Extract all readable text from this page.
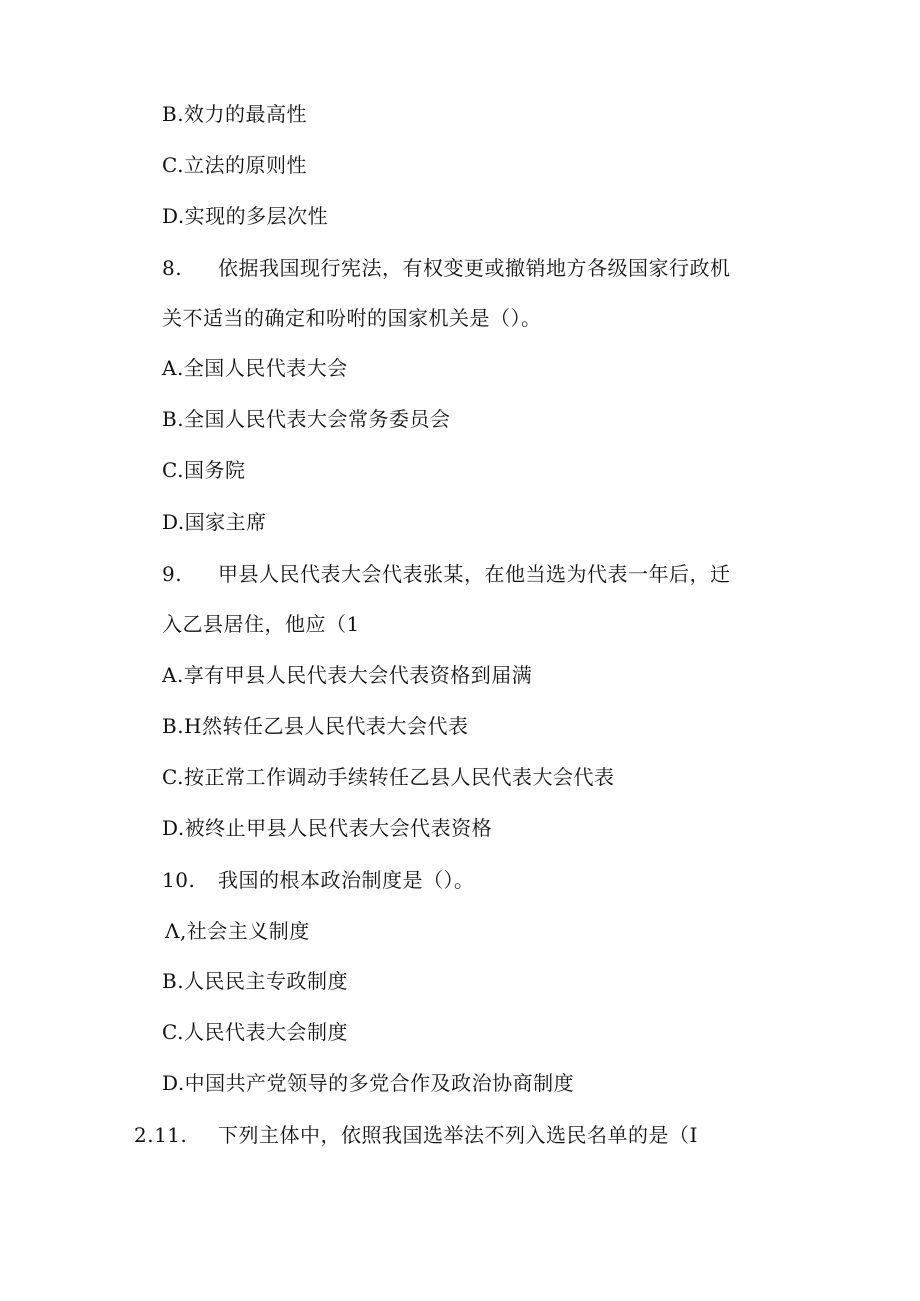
B.效力的最高性
C.立法的原则性
D.实现的多层次性
8. 依据我国现行宪法，有权变更或撤销地方各级国家行政机
关不适当的确定和吩咐的国家机关是（）。
A.全国人民代表大会
B.全国人民代表大会常务委员会
C.国务院
D.国家主席
9. 甲县人民代表大会代表张某，在他当选为代表一年后，迁
入乙县居住，他应（1
A.享有甲县人民代表大会代表资格到届满
B.H然转任乙县人民代表大会代表
C.按正常工作调动手续转任乙县人民代表大会代表
D.被终止甲县人民代表大会代表资格
10. 我国的根本政治制度是（）。
Λ,社会主义制度
B.人民民主专政制度
C.人民代表大会制度
D.中国共产党领导的多党合作及政治协商制度
2.11. 下列主体中，依照我国选举法不列入选民名单的是（I
